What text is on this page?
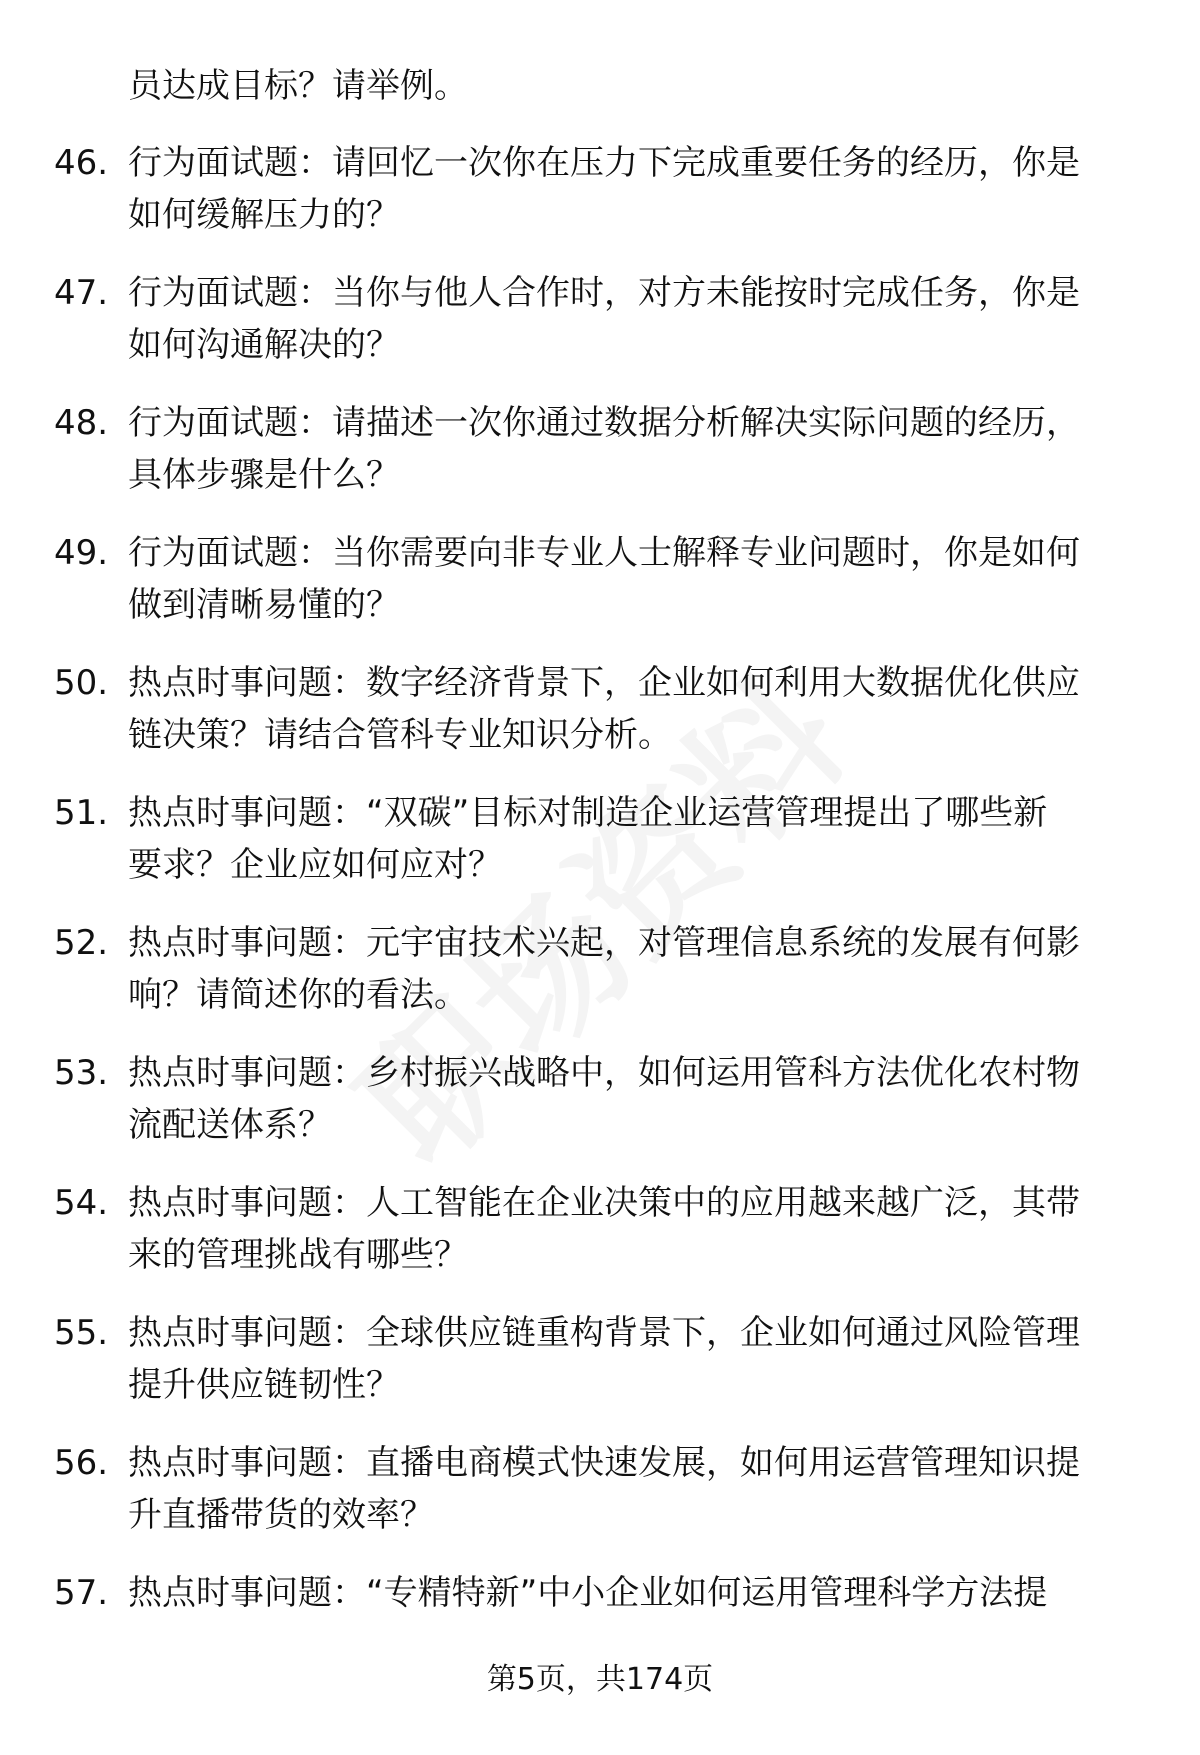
员达成目标？请举例。
46. 行为面试题：请回忆一次你在压力下完成重要任务的经历，你是
如何缓解压力的？
47. 行为面试题：当你与他人合作时，对方未能按时完成任务，你是
如何沟通解决的？
48. 行为面试题：请描述一次你通过数据分析解决实际问题的经历，
具体步骤是什么？
49. 行为面试题：当你需要向非专业人士解释专业问题时，你是如何
做到清晰易懂的？
50. 热点时事问题：数字经济背景下，企业如何利用大数据优化供应
链决策？请结合管科专业知识分析。
51. 热点时事问题：“双碳”目标对制造企业运营管理提出了哪些新
要求？企业应如何应对？
52. 热点时事问题：元宇宙技术兴起，对管理信息系统的发展有何影
响？请简述你的看法。
53. 热点时事问题：乡村振兴战略中，如何运用管科方法优化农村物
流配送体系？
54. 热点时事问题：人工智能在企业决策中的应用越来越广泛，其带
来的管理挑战有哪些？
55. 热点时事问题：全球供应链重构背景下，企业如何通过风险管理
提升供应链韧性？
56. 热点时事问题：直播电商模式快速发展，如何用运营管理知识提
升直播带货的效率？
57. 热点时事问题：“专精特新”中小企业如何运用管理科学方法提
第5页，共174页
